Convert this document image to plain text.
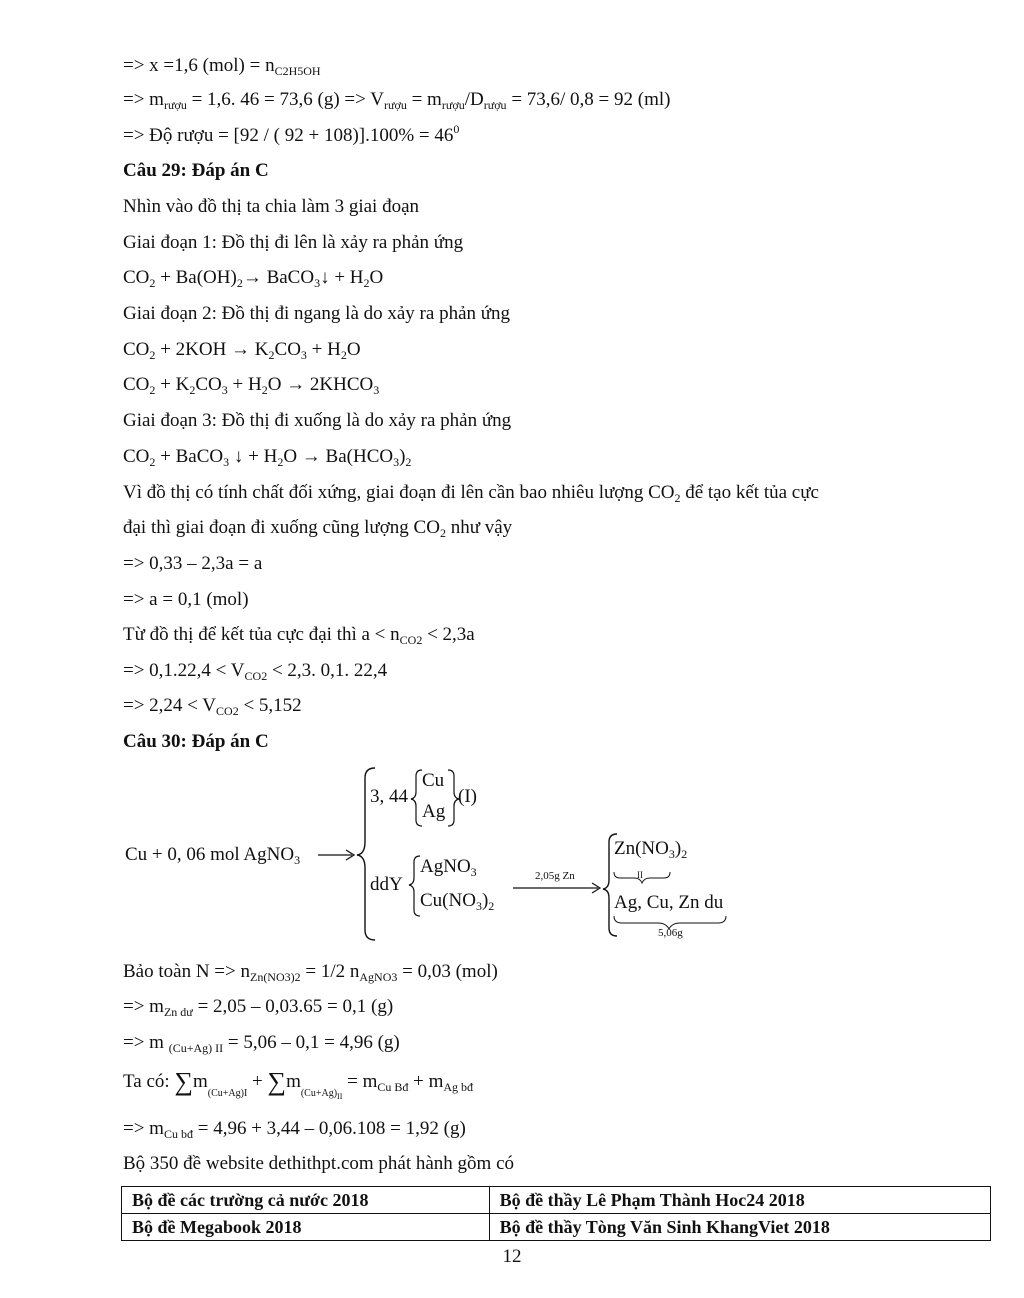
=> x =1,6 $(mol) = n_{C2H5OH}$
=> $m_{rượu} = 1,6$. 46 = 73,6 $(g) => V_{rượu} = m_{rượu}/D_{rượu} = 73,6/$ 0,8 = 92 (ml)
=> Độ rượu = [92 / ( $92 + 108)].100\% = 46^0$
Câu 29: Đáp án C
Nhìn vào đồ thị ta chia làm 3 giai đoạn
Giai đoạn 1: Đồ thị đi lên là xảy ra phản ứng
$CO_2 + Ba(OH)_2\to$ BaCO$_3$↓ + $H_2O$
Giai đoạn 2: Đồ thị đi ngang là do xảy ra phản ứng
$CO_2 + 2KOH \to K_2CO_3 + H_2O$
$CO_2 + K_2CO_3 + H_2O$ → $2KHCO_3$
Giai đoạn 3: Đồ thị đi xuống là do xảy ra phản ứng
$CO_2$ + BaCO$_3$ ↓ + $H_2O \to Ba(HCO_3)_2$
Vì đồ thị có tính chất đối xứng, giai đoạn đi lên cần bao nhiêu lượng $CO_2$ để tạo kết tủa cực
đại thì giai đoạn đi xuống cũng lượng $CO_2$ như vậy
=> 0,33 – 2,3a = a
=> a = 0,1 (mol)
Từ đồ thị để kết tủa cực đại thì $a < n_{CO2} < 2,3a$
=> $0,1.22,4 < V_{CO2} < 2,3$. 0,1. 22,4
=> $2,24 < V_{CO2} < 5,152$
Câu 30: Đáp án C
Cu + 0, 06 mol AgNO$_3$
3, 44
Cu
Ag
(I)
ddY
AgNO$_3$
$Cu(NO_3)_2$
2,05g Zn
$Zn(NO_3)_2$
II
Ag, Cu, Zn du
5,06g
Bảo toàn $N => n_{Zn(NO3)2} = 1/2$ $n_{AgNO3} = 0,03$ (mol)
=> $m_{Zn dư} = 2,05 - 0,03.65 = 0,1$ (g)
=> m $_{(Cu+Ag) II}$ = 5,06 – 0,1 = 4,96 (g)
Ta có: $\sum m_{(Cu+Ag)I} + \sum m_{(Cu+Ag)_{II}} = m_{Cu Bđ} + m_{Ag bđ}$
=> $m_{Cu bđ} = 4,96 + 3,44 - 0,06.108 = 1,92$ (g)
Bộ 350 đề website dethithpt.com phát hành gồm có
Bộ đề các trường cả nước 2018	Bộ đề thầy Lê Phạm Thành Hoc24 2018
Bộ đề Megabook 2018	Bộ đề thầy Tòng Văn Sinh KhangViet 2018
12
